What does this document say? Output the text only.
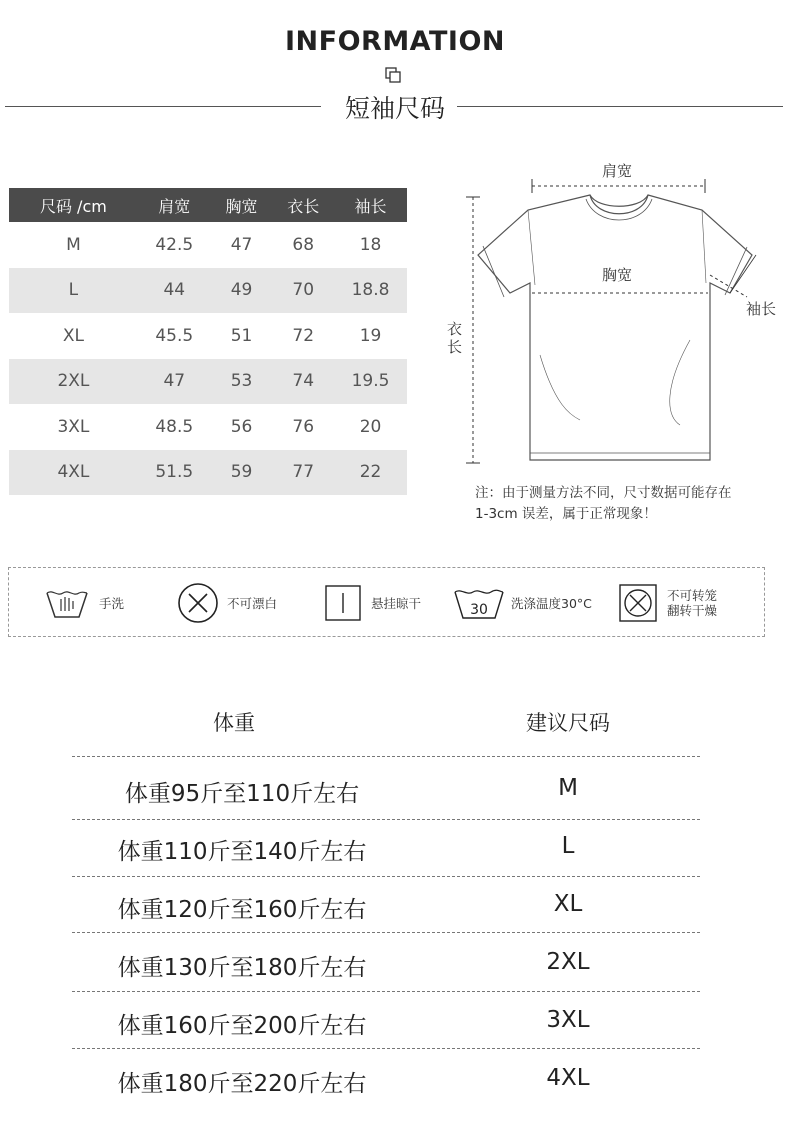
INFORMATION
短袖尺码
尺码 /cm	肩宽	胸宽	衣长	袖长
M	42.5	47	68	18
L	44	49	70	18.8
XL	45.5	51	72	19
2XL	47	53	74	19.5
3XL	48.5	56	76	20
4XL	51.5	59	77	22
肩宽
胸宽
袖长
衣
长
注：由于测量方法不同，尺寸数据可能存在
1-3cm 误差，属于正常现象！
手洗	不可漂白	悬挂晾干	30 洗涤温度30°C	不可转笼
翻转干燥
体重	建议尺码
体重95斤至110斤左右	M
体重110斤至140斤左右	L
体重120斤至160斤左右	XL
体重130斤至180斤左右	2XL
体重160斤至200斤左右	3XL
体重180斤至220斤左右	4XL
